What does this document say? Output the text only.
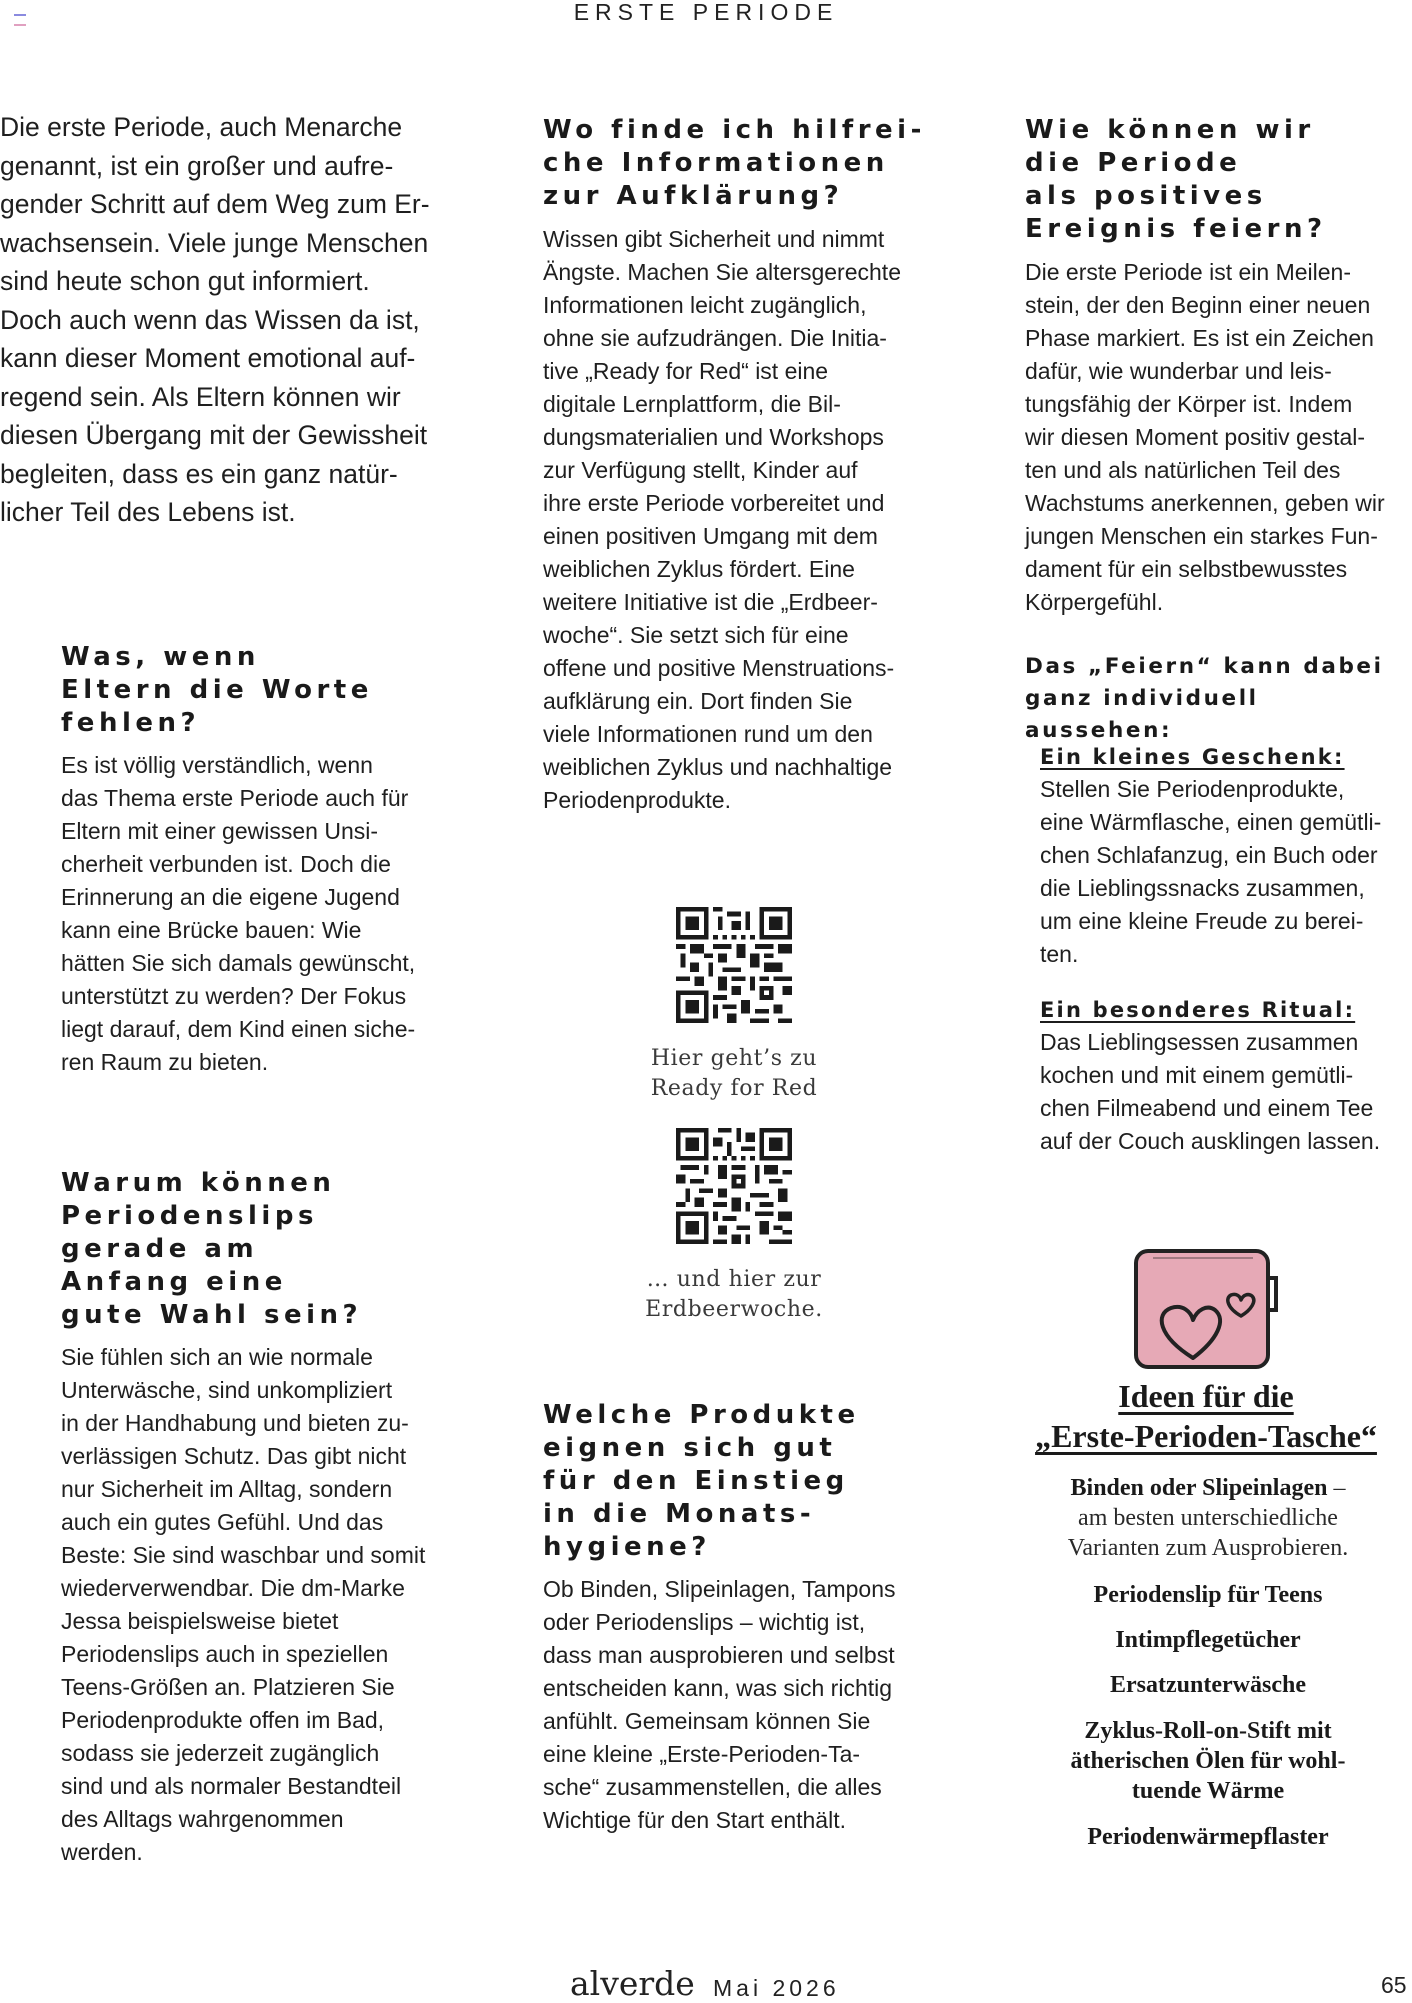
ERSTE PERIODE
Die erste Periode, auch Menarche
genannt, ist ein großer und aufre-
gender Schritt auf dem Weg zum Er-
wachsensein. Viele junge Menschen
sind heute schon gut informiert.
Doch auch wenn das Wissen da ist,
kann dieser Moment emotional auf-
regend sein. Als Eltern können wir
diesen Übergang mit der Gewissheit
begleiten, dass es ein ganz natür-
licher Teil des Lebens ist.
Was, wenn
Eltern die Worte
fehlen?
Es ist völlig verständlich, wenn
das Thema erste Periode auch für
Eltern mit einer gewissen Unsi-
cherheit verbunden ist. Doch die
Erinnerung an die eigene Jugend
kann eine Brücke bauen: Wie
hätten Sie sich damals gewünscht,
unterstützt zu werden? Der Fokus
liegt darauf, dem Kind einen siche-
ren Raum zu bieten.
Warum können
Periodenslips
gerade am
Anfang eine
gute Wahl sein?
Sie fühlen sich an wie normale
Unterwäsche, sind unkompliziert
in der Handhabung und bieten zu-
verlässigen Schutz. Das gibt nicht
nur Sicherheit im Alltag, sondern
auch ein gutes Gefühl. Und das
Beste: Sie sind waschbar und somit
wiederverwendbar. Die dm-Marke
Jessa beispielsweise bietet
Periodenslips auch in speziellen
Teens-Größen an. Platzieren Sie
Periodenprodukte offen im Bad,
sodass sie jederzeit zugänglich
sind und als normaler Bestandteil
des Alltags wahrgenommen
werden.
Wo finde ich hilfrei-
che Informationen
zur Aufklärung?
Wissen gibt Sicherheit und nimmt
Ängste. Machen Sie altersgerechte
Informationen leicht zugänglich,
ohne sie aufzudrängen. Die Initia-
tive „Ready for Red“ ist eine
digitale Lernplattform, die Bil-
dungsmaterialien und Workshops
zur Verfügung stellt, Kinder auf
ihre erste Periode vorbereitet und
einen positiven Umgang mit dem
weiblichen Zyklus fördert. Eine
weitere Initiative ist die „Erdbeer-
woche“. Sie setzt sich für eine
offene und positive Menstruations-
aufklärung ein. Dort finden Sie
viele Informationen rund um den
weiblichen Zyklus und nachhaltige
Periodenprodukte.
Hier geht’s zu
Ready for Red
… und hier zur
Erdbeerwoche.
Welche Produkte
eignen sich gut
für den Einstieg
in die Monats-
hygiene?
Ob Binden, Slipeinlagen, Tampons
oder Periodenslips – wichtig ist,
dass man ausprobieren und selbst
entscheiden kann, was sich richtig
anfühlt. Gemeinsam können Sie
eine kleine „Erste-Perioden-Ta-
sche“ zusammenstellen, die alles
Wichtige für den Start enthält.
Wie können wir
die Periode
als positives
Ereignis feiern?
Die erste Periode ist ein Meilen-
stein, der den Beginn einer neuen
Phase markiert. Es ist ein Zeichen
dafür, wie wunderbar und leis-
tungsfähig der Körper ist. Indem
wir diesen Moment positiv gestal-
ten und als natürlichen Teil des
Wachstums anerkennen, geben wir
jungen Menschen ein starkes Fun-
dament für ein selbstbewusstes
Körpergefühl.
Das „Feiern“ kann dabei
ganz individuell aussehen:
Ein kleines Geschenk:
Stellen Sie Periodenprodukte,
eine Wärmflasche, einen gemütli-
chen Schlafanzug, ein Buch oder
die Lieblingssnacks zusammen,
um eine kleine Freude zu berei-
ten.
Ein besonderes Ritual:
Das Lieblingsessen zusammen
kochen und mit einem gemütli-
chen Filmeabend und einem Tee
auf der Couch ausklingen lassen.
Ideen für die
„Erste-Perioden-Tasche“
Binden oder Slipeinlagen –
am besten unterschiedliche
Varianten zum Ausprobieren.
Periodenslip für Teens
Intimpflegetücher
Ersatzunterwäsche
Zyklus-Roll-on-Stift mit
ätherischen Ölen für wohl-
tuende Wärme
Periodenwärmepflaster
alverde Mai 2026	65
